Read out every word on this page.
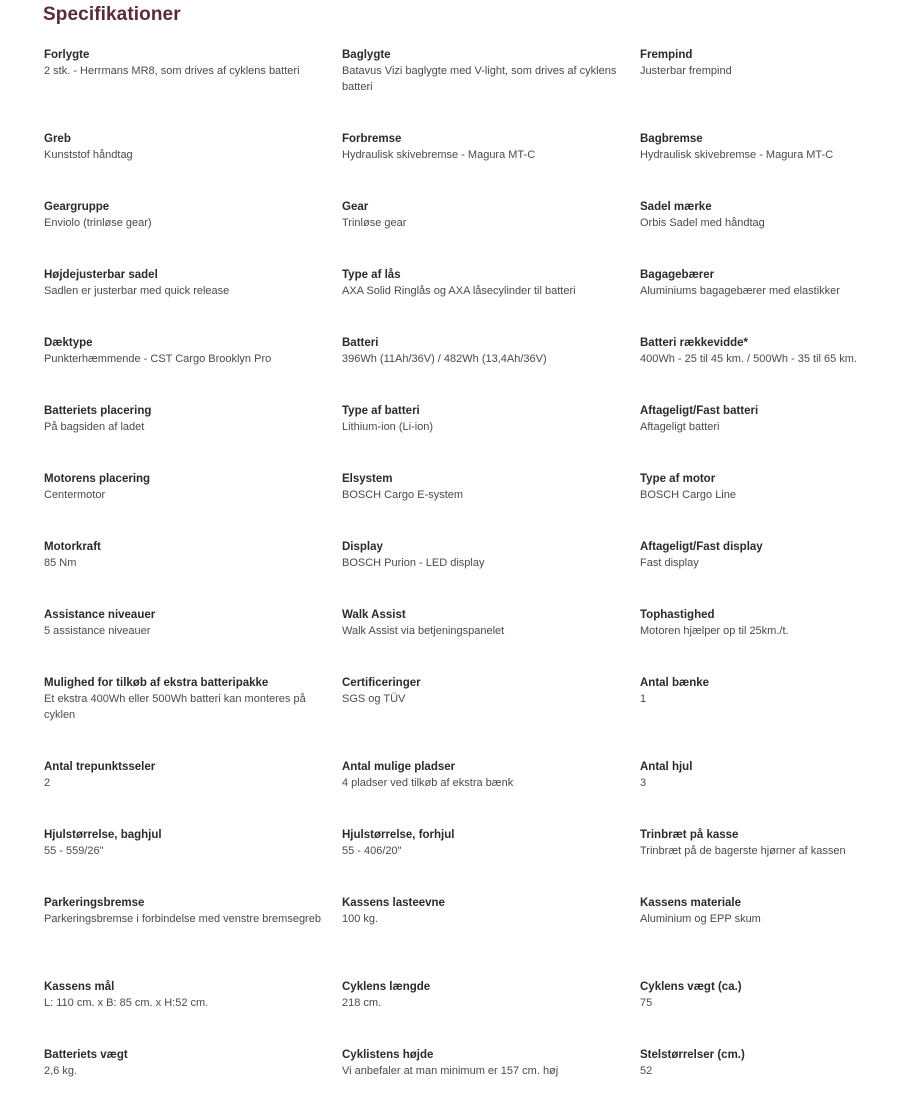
Specifikationer
Forlygte
2 stk. - Herrmans MR8, som drives af cyklens batteri
Baglygte
Batavus Vizi baglygte med V-light, som drives af cyklens batteri
Frempind
Justerbar frempind
Greb
Kunststof håndtag
Forbremse
Hydraulisk skivebremse - Magura MT-C
Bagbremse
Hydraulisk skivebremse - Magura MT-C
Geargruppe
Enviolo (trinløse gear)
Gear
Trinløse gear
Sadel mærke
Orbis Sadel med håndtag
Højdejusterbar sadel
Sadlen er justerbar med quick release
Type af lås
AXA Solid Ringlås og AXA låsecylinder til batteri
Bagagebærer
Aluminiums bagagebærer med elastikker
Dæktype
Punkterhæmmende - CST Cargo Brooklyn Pro
Batteri
396Wh (11Ah/36V) / 482Wh (13,4Ah/36V)
Batteri rækkevidde*
400Wh - 25 til 45 km. / 500Wh - 35 til 65 km.
Batteriets placering
På bagsiden af ladet
Type af batteri
Lithium-ion (Li-ion)
Aftageligt/Fast batteri
Aftageligt batteri
Motorens placering
Centermotor
Elsystem
BOSCH Cargo E-system
Type af motor
BOSCH Cargo Line
Motorkraft
85 Nm
Display
BOSCH Purion - LED display
Aftageligt/Fast display
Fast display
Assistance niveauer
5 assistance niveauer
Walk Assist
Walk Assist via betjeningspanelet
Tophastighed
Motoren hjælper op til 25km./t.
Mulighed for tilkøb af ekstra batteripakke
Et ekstra 400Wh eller 500Wh batteri kan monteres på cyklen
Certificeringer
SGS og TÜV
Antal bænke
1
Antal trepunktsseler
2
Antal mulige pladser
4 pladser ved tilkøb af ekstra bænk
Antal hjul
3
Hjulstørrelse, baghjul
55 - 559/26"
Hjulstørrelse, forhjul
55 - 406/20"
Trinbræt på kasse
Trinbræt på de bagerste hjørner af kassen
Parkeringsbremse
Parkeringsbremse i forbindelse med venstre bremsegreb
Kassens lasteevne
100 kg.
Kassens materiale
Aluminium og EPP skum
Kassens mål
L: 110 cm. x B: 85 cm. x H:52 cm.
Cyklens længde
218 cm.
Cyklens vægt (ca.)
75
Batteriets vægt
2,6 kg.
Cyklistens højde
Vi anbefaler at man minimum er 157 cm. høj
Stelstørrelser (cm.)
52
